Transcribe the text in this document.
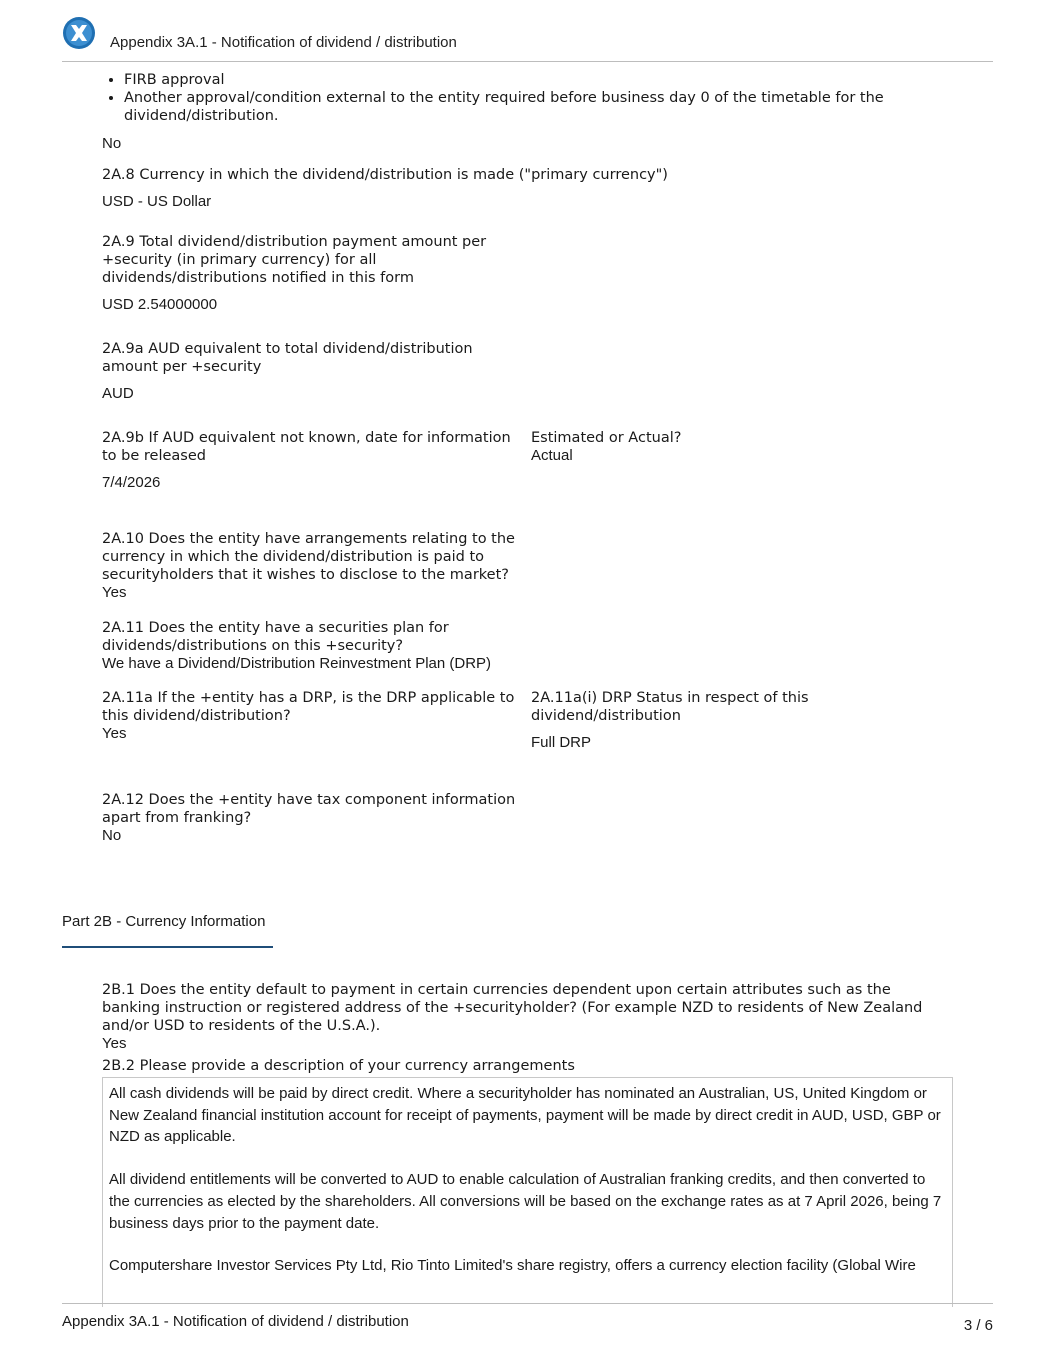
Appendix 3A.1 - Notification of dividend / distribution
• FIRB approval
• Another approval/condition external to the entity required before business day 0 of the timetable for the dividend/distribution.
No
2A.8 Currency in which the dividend/distribution is made ("primary currency")
USD - US Dollar
2A.9 Total dividend/distribution payment amount per +security (in primary currency) for all dividends/distributions notified in this form
USD 2.54000000
2A.9a AUD equivalent to total dividend/distribution amount per +security
AUD
2A.9b If AUD equivalent not known, date for information to be released
7/4/2026
Estimated or Actual?
Actual
2A.10 Does the entity have arrangements relating to the currency in which the dividend/distribution is paid to securityholders that it wishes to disclose to the market?
Yes
2A.11 Does the entity have a securities plan for dividends/distributions on this +security?
We have a Dividend/Distribution Reinvestment Plan (DRP)
2A.11a If the +entity has a DRP, is the DRP applicable to this dividend/distribution?
Yes
2A.11a(i) DRP Status in respect of this dividend/distribution
Full DRP
2A.12 Does the +entity have tax component information apart from franking?
No
Part 2B - Currency Information
2B.1 Does the entity default to payment in certain currencies dependent upon certain attributes such as the banking instruction or registered address of the +securityholder? (For example NZD to residents of New Zealand and/or USD to residents of the U.S.A.).
Yes
2B.2 Please provide a description of your currency arrangements

All cash dividends will be paid by direct credit. Where a securityholder has nominated an Australian, US, United Kingdom or New Zealand financial institution account for receipt of payments, payment will be made by direct credit in AUD, USD, GBP or NZD as applicable.

All dividend entitlements will be converted to AUD to enable calculation of Australian franking credits, and then converted to the currencies as elected by the shareholders. All conversions will be based on the exchange rates as at 7 April 2026, being 7 business days prior to the payment date.

Computershare Investor Services Pty Ltd, Rio Tinto Limited's share registry, offers a currency election facility (Global Wire

Appendix 3A.1 - Notification of dividend / distribution	3 / 6
